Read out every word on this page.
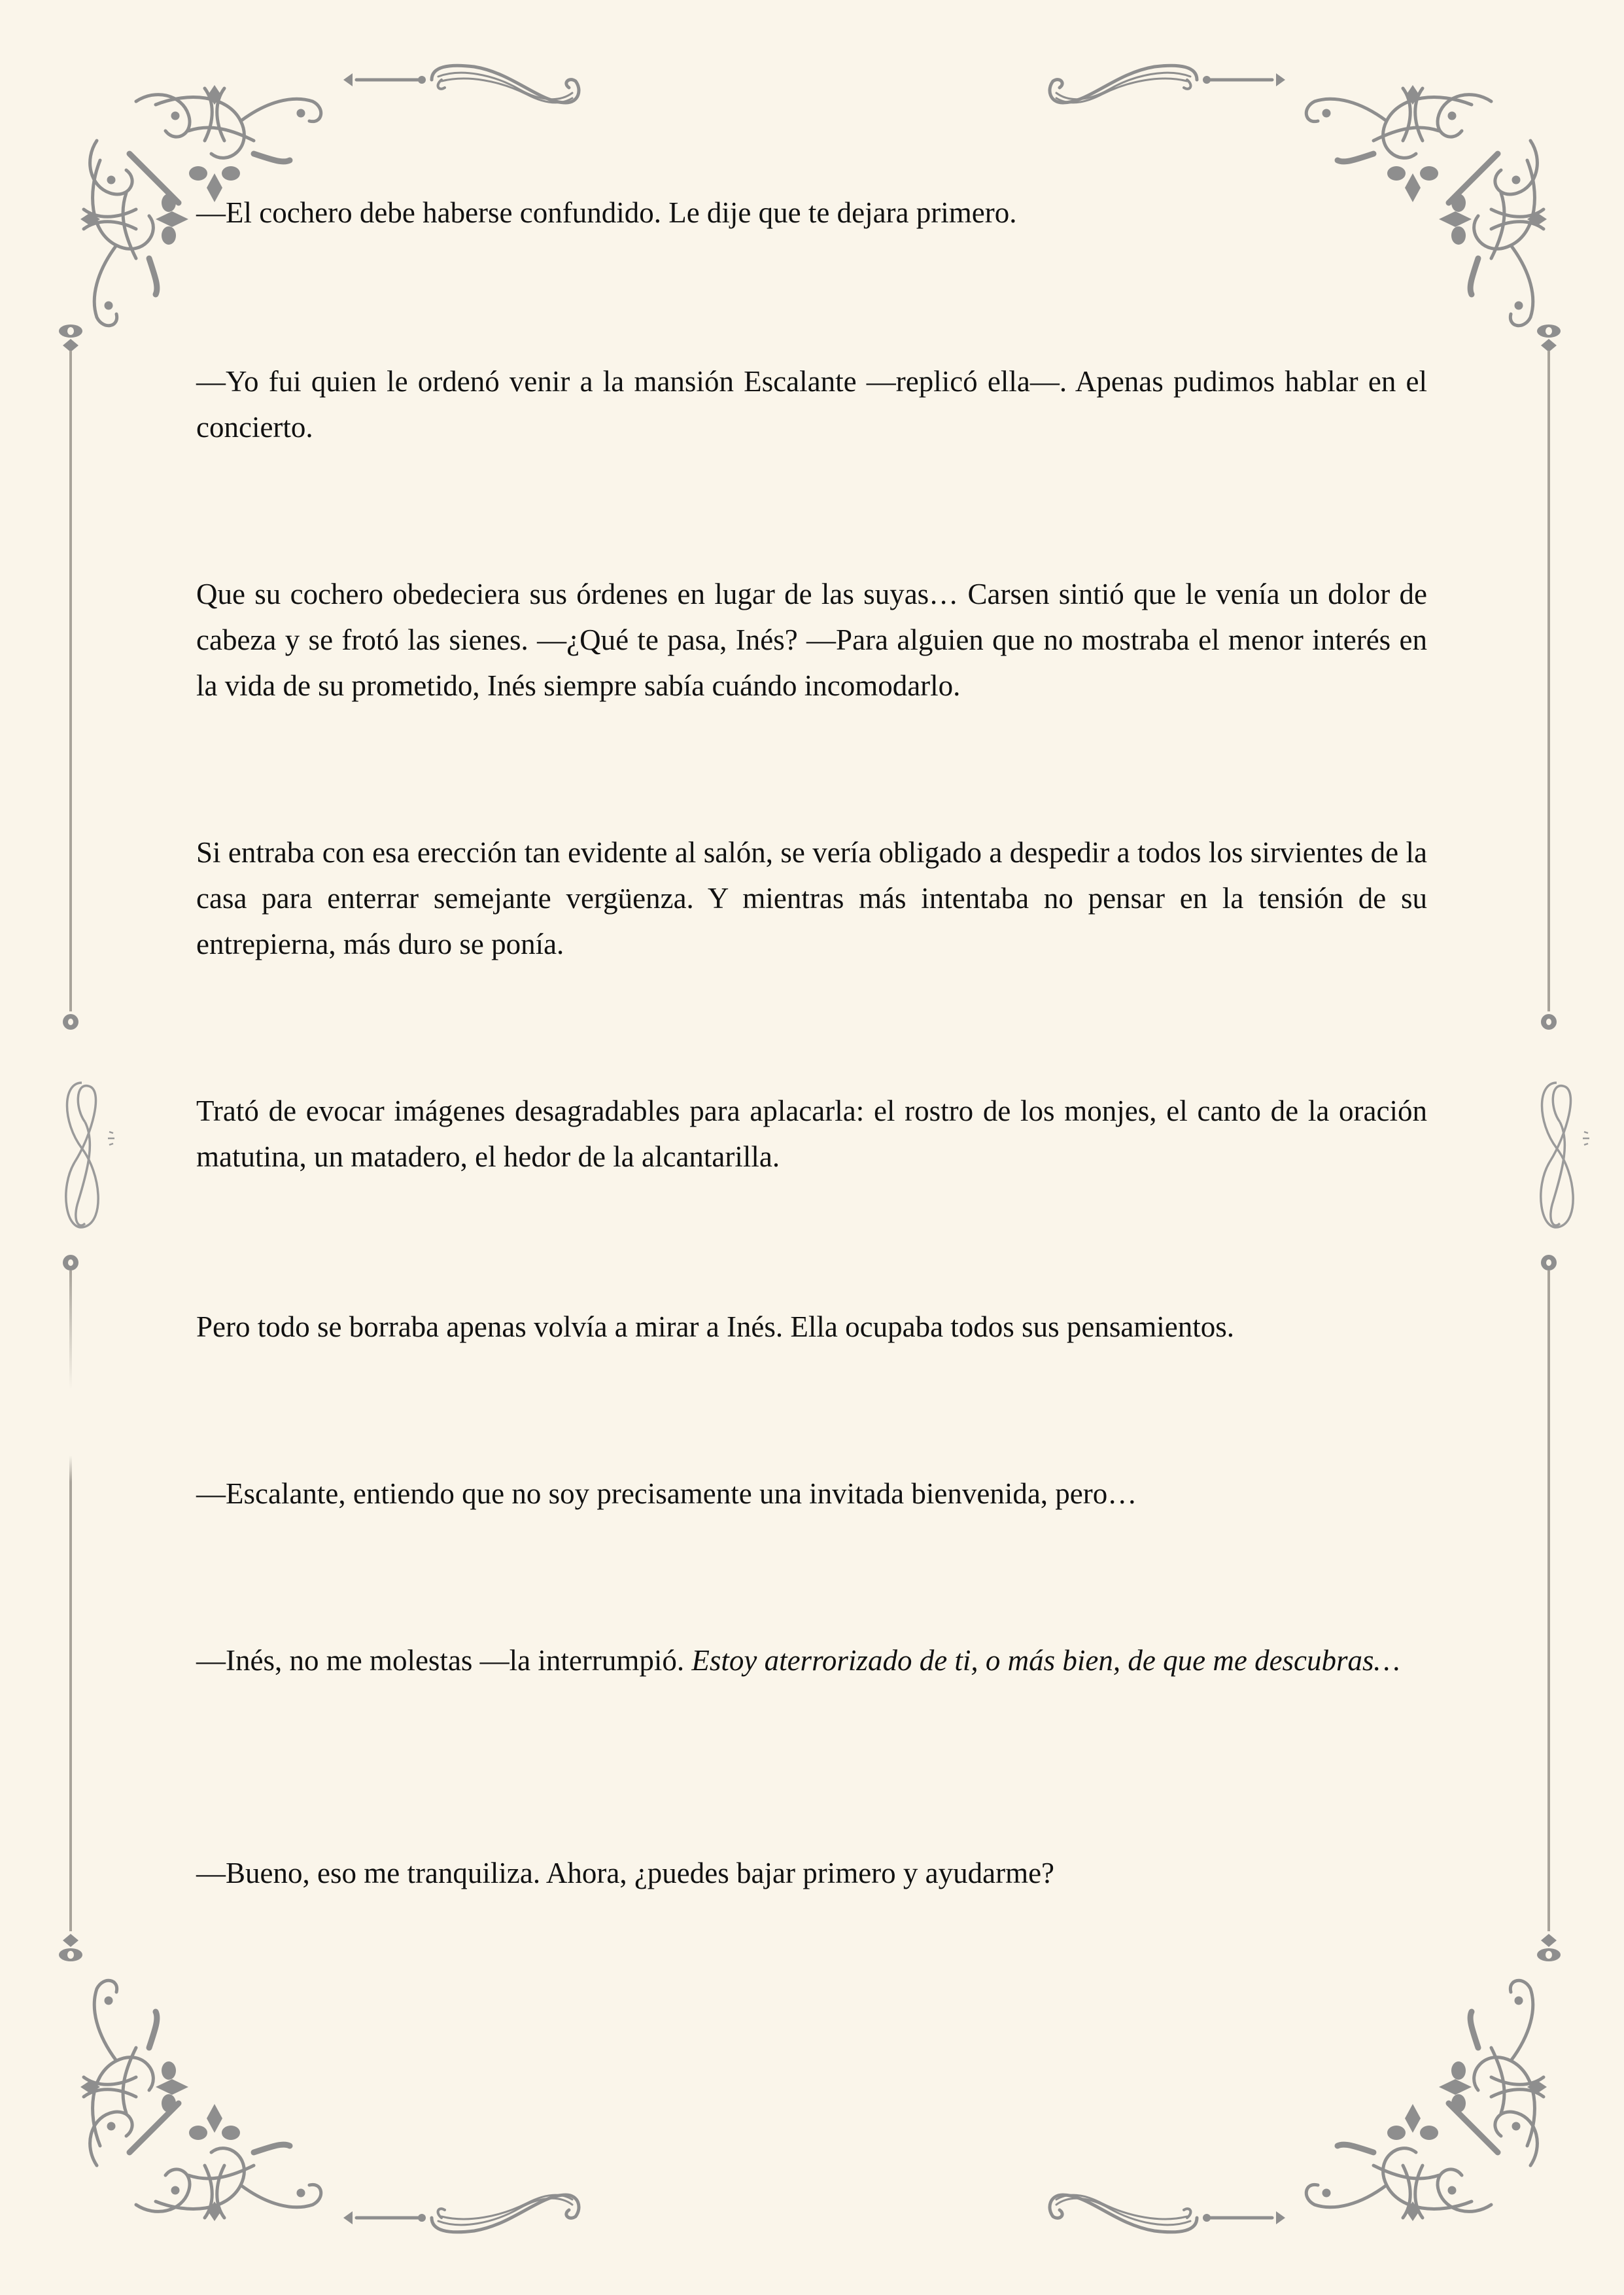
—El cochero debe haberse confundido. Le dije que te dejara primero.

—Yo fui quien le ordenó venir a la mansión Escalante —replicó ella—. Apenas pudimos hablar en el concierto.

Que su cochero obedeciera sus órdenes en lugar de las suyas… Carsen sintió que le venía un dolor de cabeza y se frotó las sienes. —¿Qué te pasa, Inés? —Para alguien que no mostraba el menor interés en la vida de su prometido, Inés siempre sabía cuándo incomodarlo.

Si entraba con esa erección tan evidente al salón, se vería obligado a despedir a todos los sirvientes de la casa para enterrar semejante vergüenza. Y mientras más intentaba no pensar en la tensión de su entrepierna, más duro se ponía.

Trató de evocar imágenes desagradables para aplacarla: el rostro de los monjes, el canto de la oración matutina, un matadero, el hedor de la alcantarilla.

Pero todo se borraba apenas volvía a mirar a Inés. Ella ocupaba todos sus pensamientos.

—Escalante, entiendo que no soy precisamente una invitada bienvenida, pero…

—Inés, no me molestas —la interrumpió. Estoy aterrorizado de ti, o más bien, de que me descubras…

—Bueno, eso me tranquiliza. Ahora, ¿puedes bajar primero y ayudarme?
